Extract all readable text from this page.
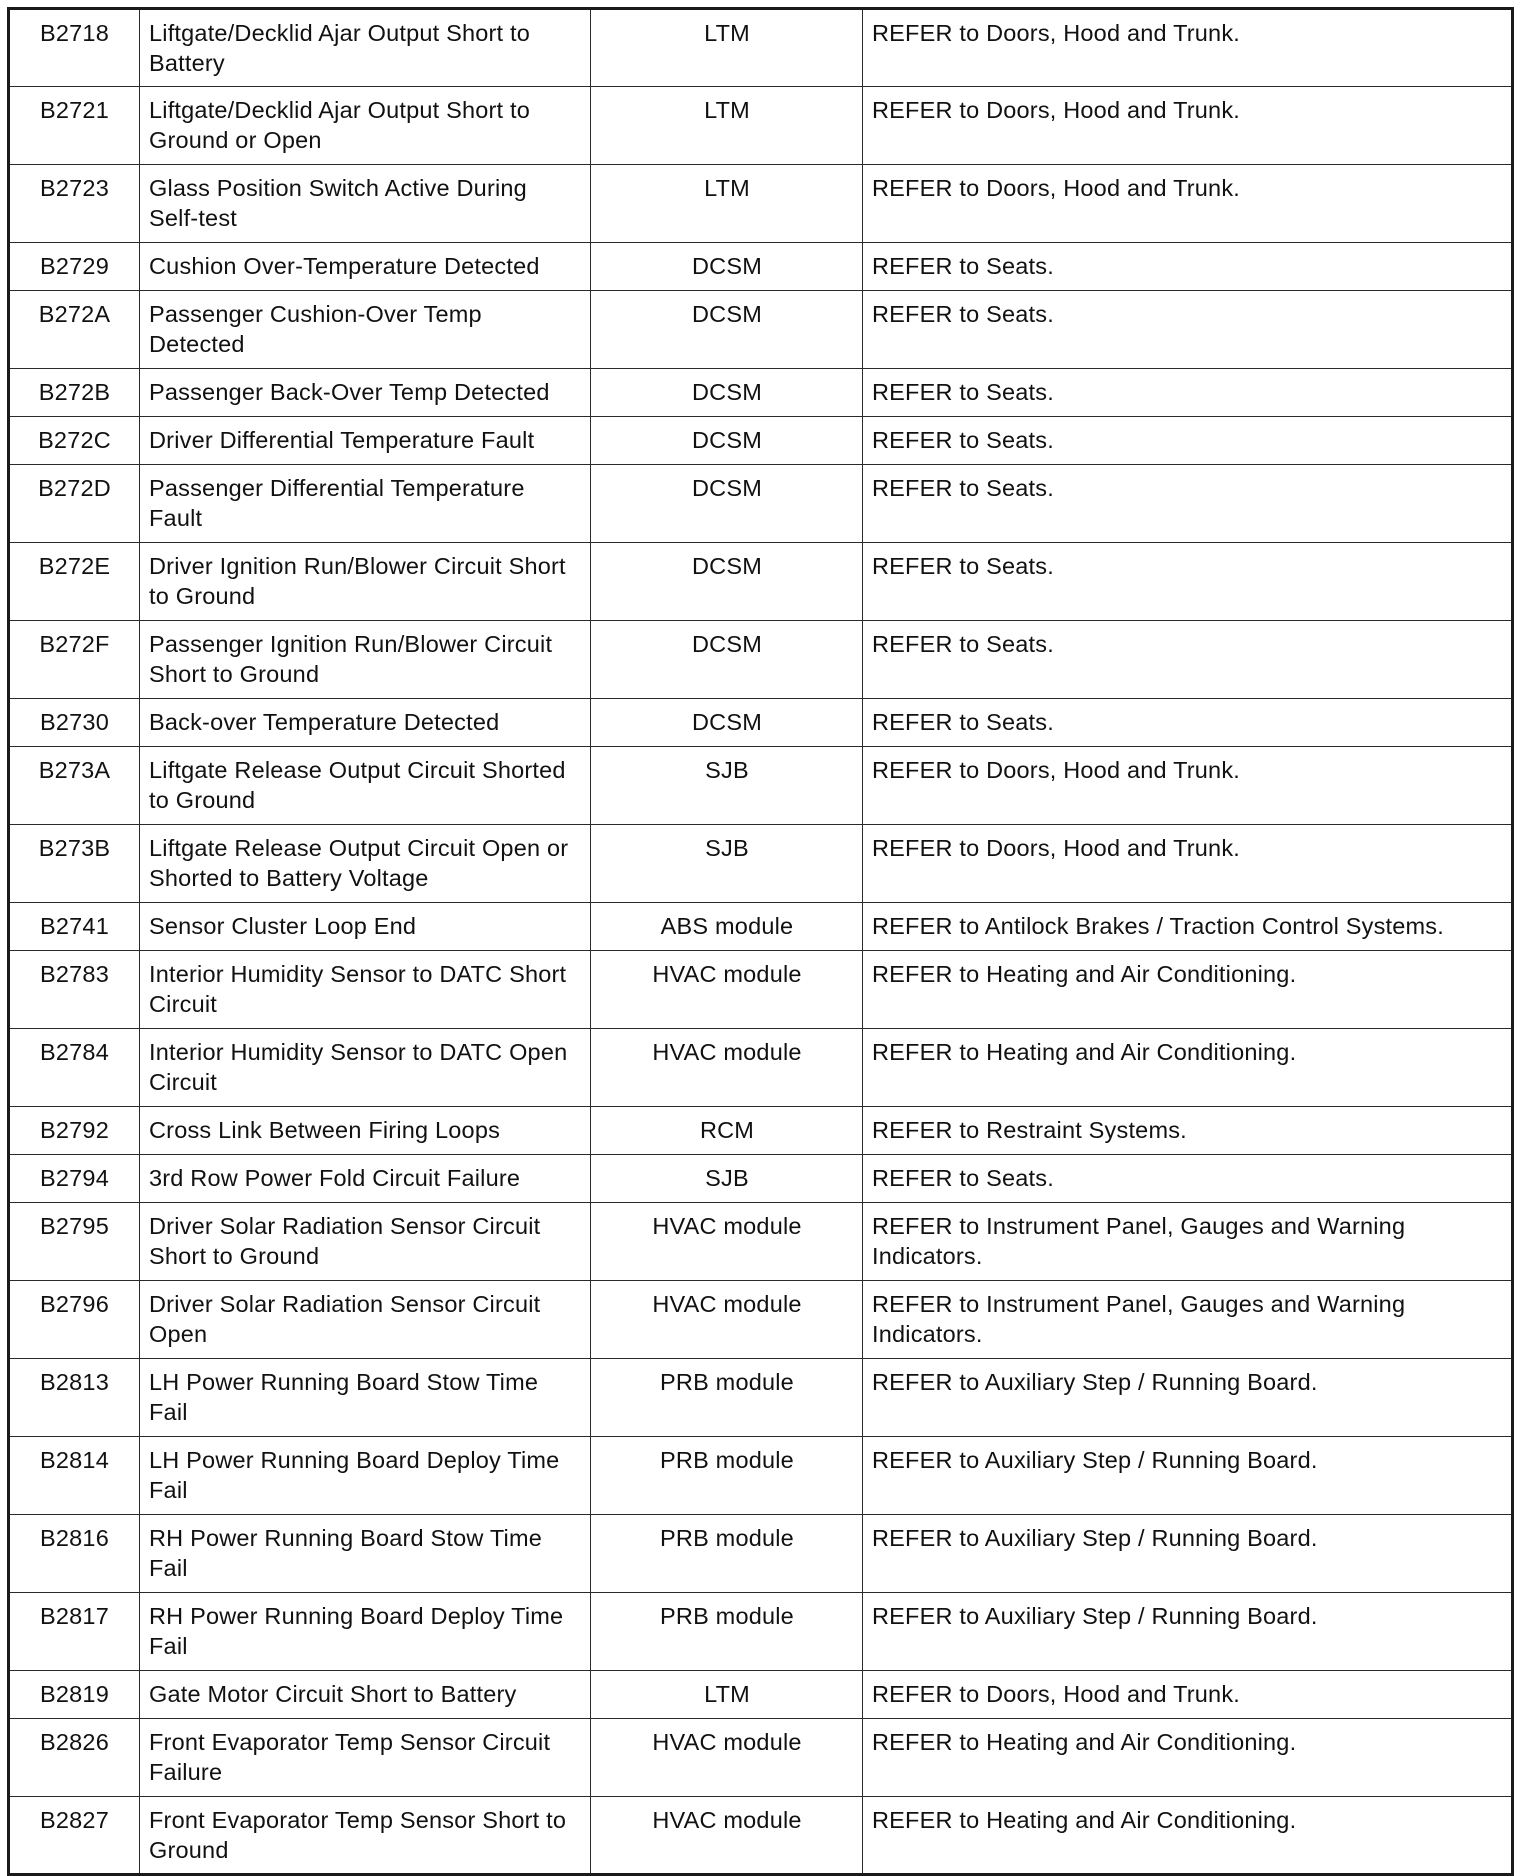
B2718	Liftgate/Decklid Ajar Output Short to Battery	LTM	REFER to Doors, Hood and Trunk.
B2721	Liftgate/Decklid Ajar Output Short to Ground or Open	LTM	REFER to Doors, Hood and Trunk.
B2723	Glass Position Switch Active During Self-test	LTM	REFER to Doors, Hood and Trunk.
B2729	Cushion Over-Temperature Detected	DCSM	REFER to Seats.
B272A	Passenger Cushion-Over Temp Detected	DCSM	REFER to Seats.
B272B	Passenger Back-Over Temp Detected	DCSM	REFER to Seats.
B272C	Driver Differential Temperature Fault	DCSM	REFER to Seats.
B272D	Passenger Differential Temperature Fault	DCSM	REFER to Seats.
B272E	Driver Ignition Run/Blower Circuit Short to Ground	DCSM	REFER to Seats.
B272F	Passenger Ignition Run/Blower Circuit Short to Ground	DCSM	REFER to Seats.
B2730	Back-over Temperature Detected	DCSM	REFER to Seats.
B273A	Liftgate Release Output Circuit Shorted to Ground	SJB	REFER to Doors, Hood and Trunk.
B273B	Liftgate Release Output Circuit Open or Shorted to Battery Voltage	SJB	REFER to Doors, Hood and Trunk.
B2741	Sensor Cluster Loop End	ABS module	REFER to Antilock Brakes / Traction Control Systems.
B2783	Interior Humidity Sensor to DATC Short Circuit	HVAC module	REFER to Heating and Air Conditioning.
B2784	Interior Humidity Sensor to DATC Open Circuit	HVAC module	REFER to Heating and Air Conditioning.
B2792	Cross Link Between Firing Loops	RCM	REFER to Restraint Systems.
B2794	3rd Row Power Fold Circuit Failure	SJB	REFER to Seats.
B2795	Driver Solar Radiation Sensor Circuit Short to Ground	HVAC module	REFER to Instrument Panel, Gauges and Warning Indicators.
B2796	Driver Solar Radiation Sensor Circuit Open	HVAC module	REFER to Instrument Panel, Gauges and Warning Indicators.
B2813	LH Power Running Board Stow Time Fail	PRB module	REFER to Auxiliary Step / Running Board.
B2814	LH Power Running Board Deploy Time Fail	PRB module	REFER to Auxiliary Step / Running Board.
B2816	RH Power Running Board Stow Time Fail	PRB module	REFER to Auxiliary Step / Running Board.
B2817	RH Power Running Board Deploy Time Fail	PRB module	REFER to Auxiliary Step / Running Board.
B2819	Gate Motor Circuit Short to Battery	LTM	REFER to Doors, Hood and Trunk.
B2826	Front Evaporator Temp Sensor Circuit Failure	HVAC module	REFER to Heating and Air Conditioning.
B2827	Front Evaporator Temp Sensor Short to Ground	HVAC module	REFER to Heating and Air Conditioning.
